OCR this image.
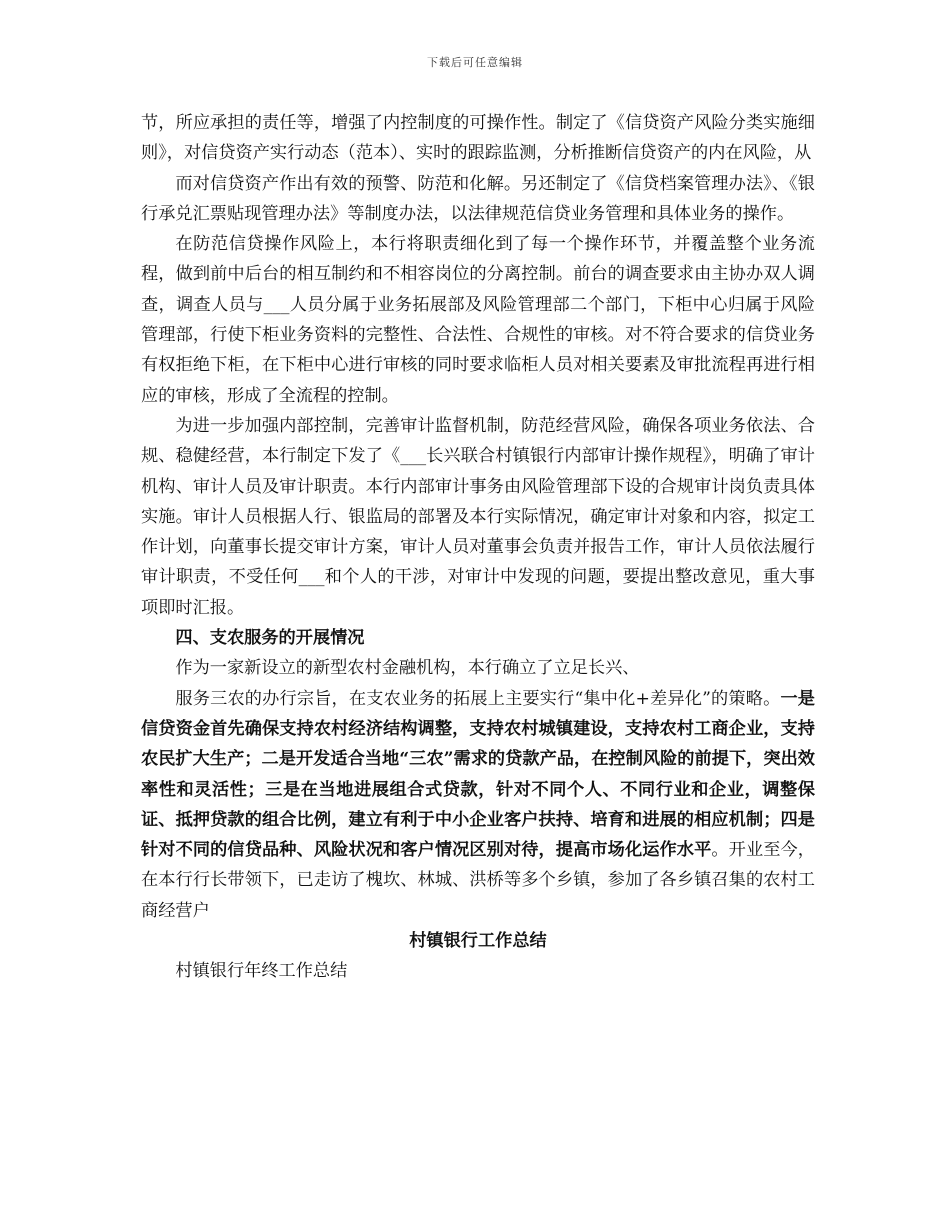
下载后可任意编辑

节，所应承担的责任等，增强了内控制度的可操作性。制定了《信贷资产风险分类实施细则》，对信贷资产实行动态（范本）、实时的跟踪监测，分析推断信贷资产的内在风险，从

而对信贷资产作出有效的预警、防范和化解。另还制定了《信贷档案管理办法》、《银行承兑汇票贴现管理办法》等制度办法，以法律规范信贷业务管理和具体业务的操作。

在防范信贷操作风险上，本行将职责细化到了每一个操作环节，并覆盖整个业务流程，做到前中后台的相互制约和不相容岗位的分离控制。前台的调查要求由主协办双人调查，调查人员与___人员分属于业务拓展部及风险管理部二个部门，下柜中心归属于风险管理部，行使下柜业务资料的完整性、合法性、合规性的审核。对不符合要求的信贷业务有权拒绝下柜，在下柜中心进行审核的同时要求临柜人员对相关要素及审批流程再进行相应的审核，形成了全流程的控制。

为进一步加强内部控制，完善审计监督机制，防范经营风险，确保各项业务依法、合规、稳健经营，本行制定下发了《___长兴联合村镇银行内部审计操作规程》，明确了审计机构、审计人员及审计职责。本行内部审计事务由风险管理部下设的合规审计岗负责具体实施。审计人员根据人行、银监局的部署及本行实际情况，确定审计对象和内容，拟定工作计划，向董事长提交审计方案，审计人员对董事会负责并报告工作，审计人员依法履行审计职责，不受任何___和个人的干涉，对审计中发现的问题，要提出整改意见，重大事项即时汇报。

四、支农服务的开展情况

作为一家新设立的新型农村金融机构，本行确立了立足长兴、

服务三农的办行宗旨，在支农业务的拓展上主要实行“集中化+差异化”的策略。一是信贷资金首先确保支持农村经济结构调整，支持农村城镇建设，支持农村工商企业，支持农民扩大生产；二是开发适合当地“三农”需求的贷款产品，在控制风险的前提下，突出效率性和灵活性；三是在当地进展组合式贷款，针对不同个人、不同行业和企业，调整保证、抵押贷款的组合比例，建立有利于中小企业客户扶持、培育和进展的相应机制；四是针对不同的信贷品种、风险状况和客户情况区别对待，提高市场化运作水平。开业至今，在本行行长带领下，已走访了槐坎、林城、洪桥等多个乡镇，参加了各乡镇召集的农村工商经营户

村镇银行工作总结

村镇银行年终工作总结
